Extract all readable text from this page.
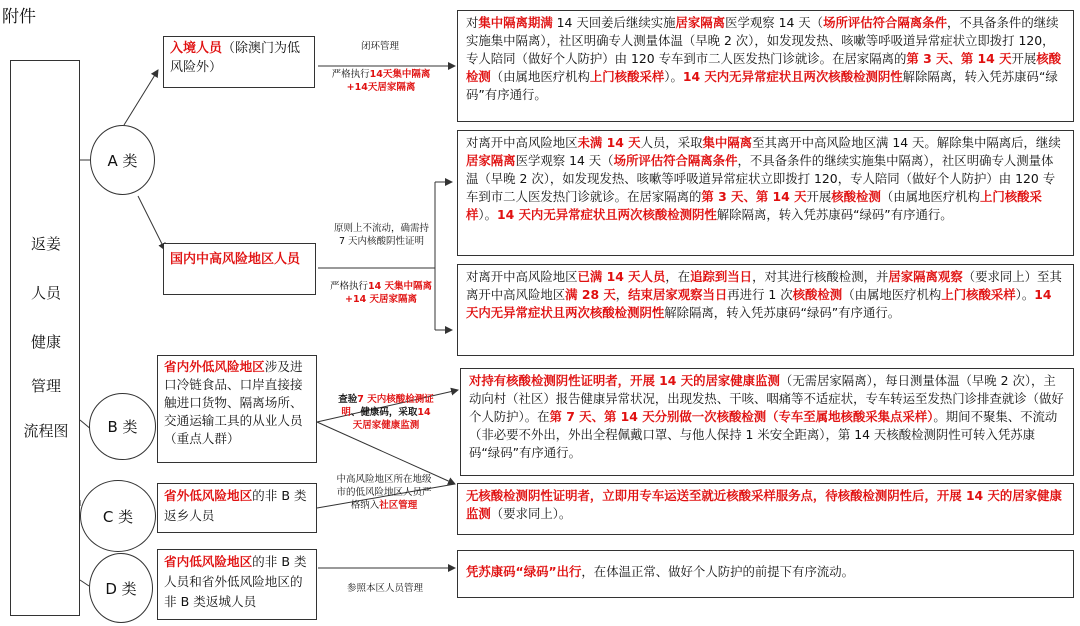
附件
返姜
人员
健康
管理
流程图
A 类
B 类
C 类
D 类
入境人员（除澳门为低风险外）
国内中高风险地区人员
省内外低风险地区涉及进口冷链食品、口岸直接接触进口货物、隔离场所、交通运输工具的从业人员（重点人群）
省外低风险地区的非 B 类返乡人员
省内低风险地区的非 B 类人员和省外低风险地区的非 B 类返城人员
闭环管理
严格执行14天集中隔离+14天居家隔离
原则上不流动，确需持 7 天内核酸阴性证明
严格执行14 天集中隔离+14 天居家隔离
查验7 天内核酸检测证明、健康码，采取14 天居家健康监测
中高风险地区所在地级市的低风险地区人员严格纳入社区管理
参照本区人员管理
对集中隔离期满 14 天回姜后继续实施居家隔离医学观察 14 天（场所评估符合隔离条件，不具备条件的继续实施集中隔离），社区明确专人测量体温（早晚 2 次），如发现发热、咳嗽等呼吸道异常症状立即拨打 120，专人陪同（做好个人防护）由 120 专车到市二人医发热门诊就诊。在居家隔离的第 3 天、第 14 天开展核酸检测（由属地医疗机构上门核酸采样）。14 天内无异常症状且两次核酸检测阴性解除隔离，转入凭苏康码“绿码”有序通行。
对离开中高风险地区未满 14 天人员，采取集中隔离至其离开中高风险地区满 14 天。解除集中隔离后，继续居家隔离医学观察 14 天（场所评估符合隔离条件，不具备条件的继续实施集中隔离），社区明确专人测量体温（早晚 2 次），如发现发热、咳嗽等呼吸道异常症状立即拨打 120，专人陪同（做好个人防护）由 120 专车到市二人医发热门诊就诊。在居家隔离的第 3 天、第 14 天开展核酸检测（由属地医疗机构上门核酸采样）。14 天内无异常症状且两次核酸检测阴性解除隔离，转入凭苏康码“绿码”有序通行。
对离开中高风险地区已满 14 天人员，在追踪到当日，对其进行核酸检测，并居家隔离观察（要求同上）至其离开中高风险地区满 28 天，结束居家观察当日再进行 1 次核酸检测（由属地医疗机构上门核酸采样）。14 天内无异常症状且两次核酸检测阴性解除隔离，转入凭苏康码“绿码”有序通行。
对持有核酸检测阴性证明者，开展 14 天的居家健康监测（无需居家隔离），每日测量体温（早晚 2 次），主动向村（社区）报告健康异常状况，出现发热、干咳、咽痛等不适症状，专车转运至发热门诊排查就诊（做好个人防护）。在第 7 天、第 14 天分别做一次核酸检测（专车至属地核酸采集点采样）。期间不聚集、不流动（非必要不外出，外出全程佩戴口罩、与他人保持 1 米安全距离），第 14 天核酸检测阴性可转入凭苏康码“绿码”有序通行。
无核酸检测阴性证明者，立即用专车运送至就近核酸采样服务点，待核酸检测阴性后，开展 14 天的居家健康监测（要求同上）。
凭苏康码“绿码”出行，在体温正常、做好个人防护的前提下有序流动。
